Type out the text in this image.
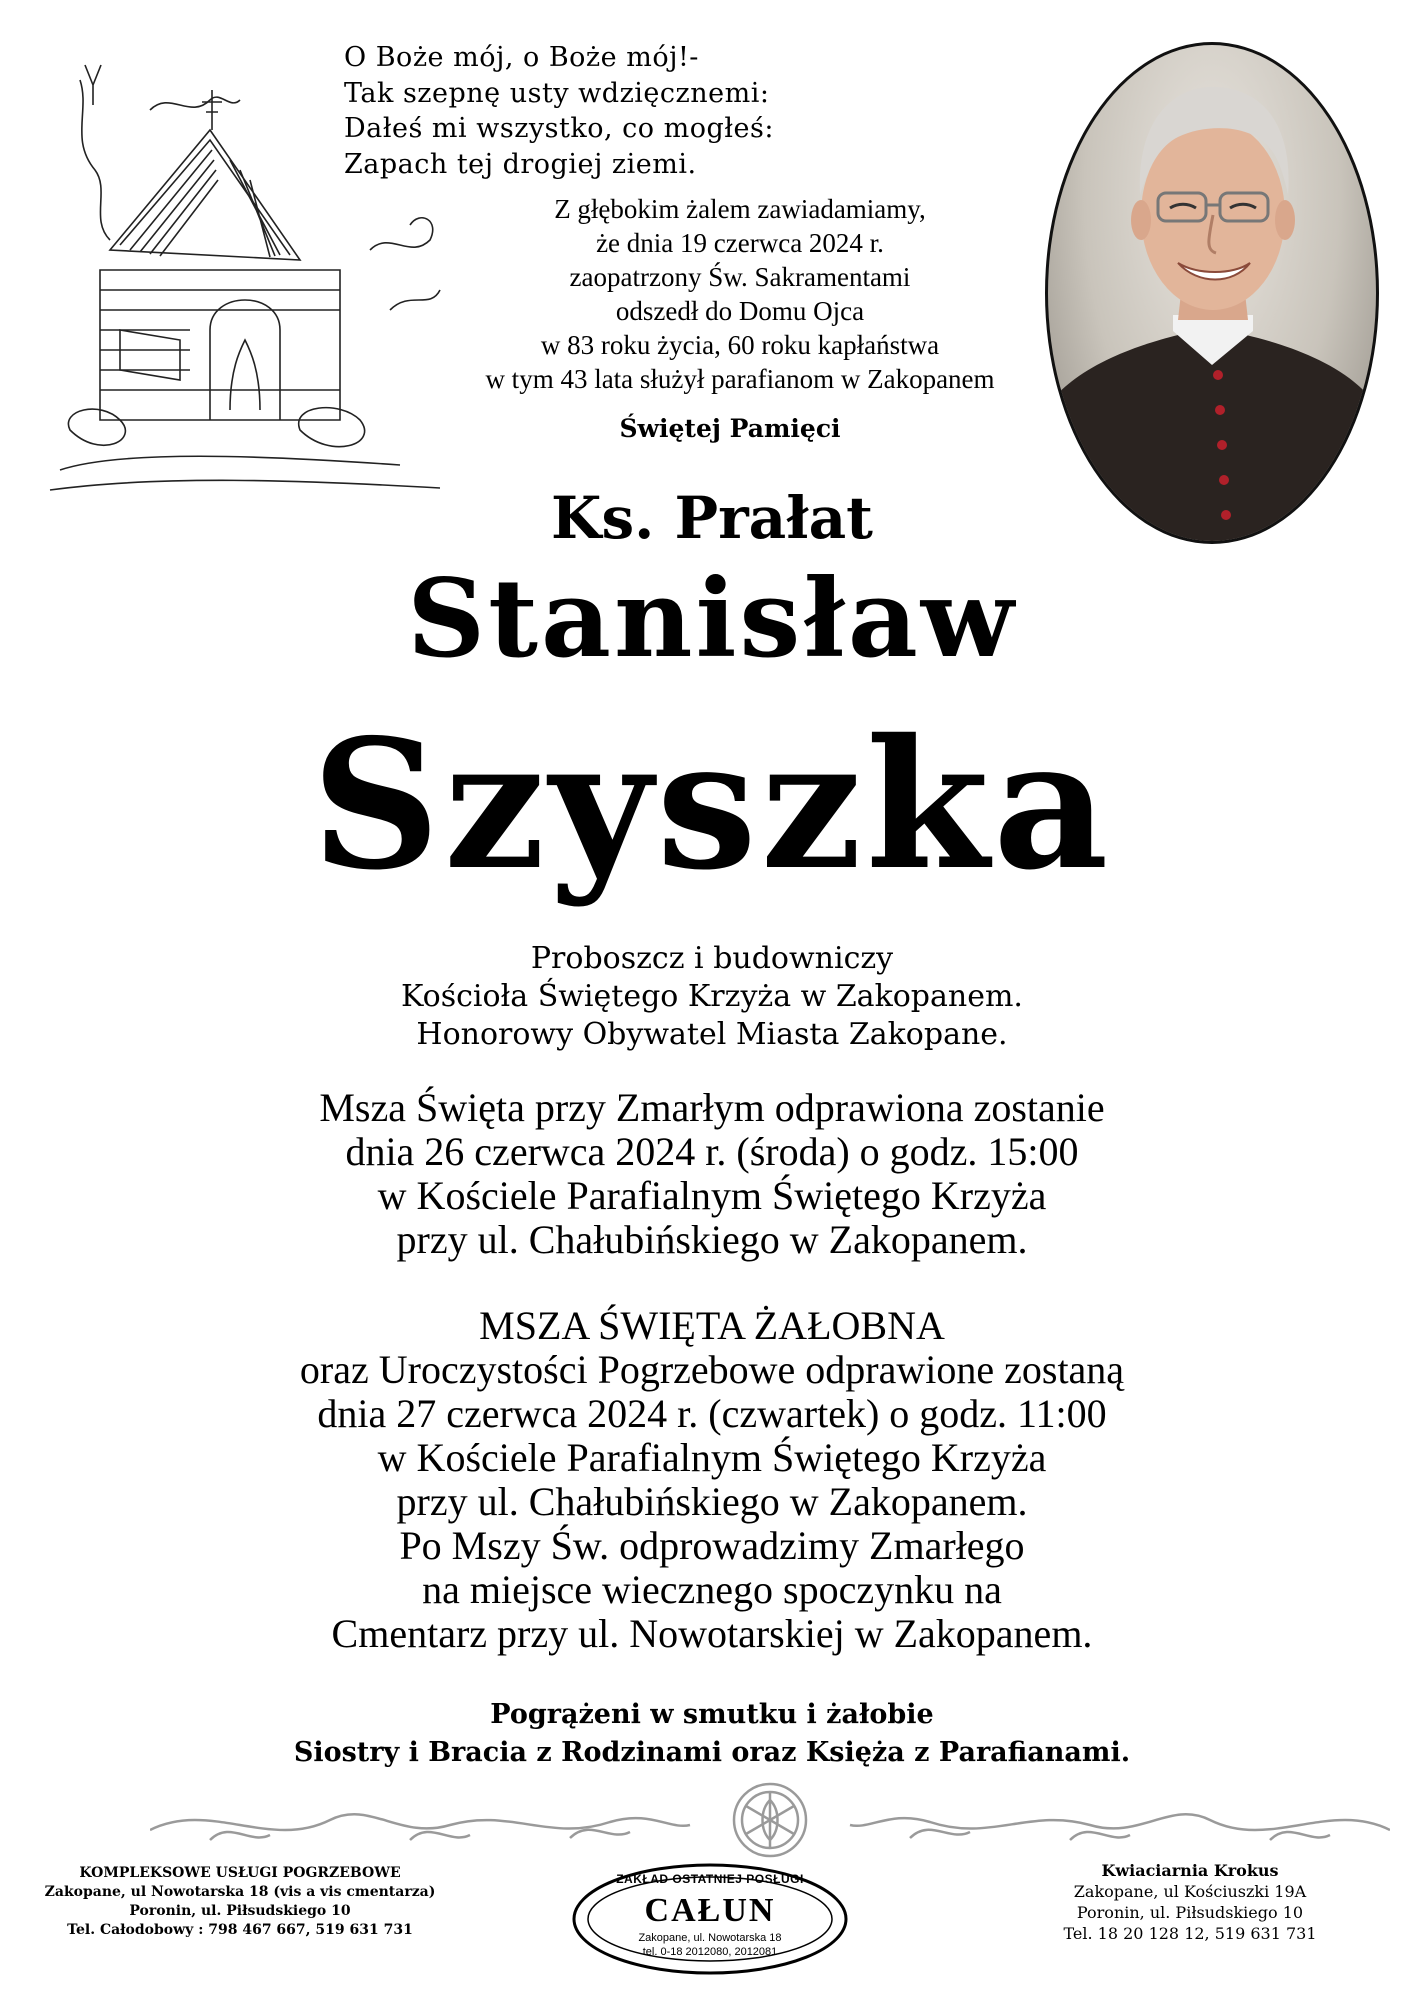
O Boże mój, o Boże mój!-
Tak szepnę usty wdzięcznemi:
Dałeś mi wszystko, co mogłeś:
Zapach tej drogiej ziemi.
Z głębokim żalem zawiadamiamy,
że dnia 19 czerwca 2024 r.
zaopatrzony Św. Sakramentami
odszedł do Domu Ojca
w 83 roku życia, 60 roku kapłaństwa
w tym 43 lata służył parafianom w Zakopanem
Świętej Pamięci
Ks. Prałat
Stanisław
Szyszka
Proboszcz i budowniczy
Kościoła Świętego Krzyża w Zakopanem.
Honorowy Obywatel Miasta Zakopane.
Msza Święta przy Zmarłym odprawiona zostanie
dnia 26 czerwca 2024 r. (środa) o godz. 15:00
w Kościele Parafialnym Świętego Krzyża
przy ul. Chałubińskiego w Zakopanem.
MSZA ŚWIĘTA ŻAŁOBNA
oraz Uroczystości Pogrzebowe odprawione zostaną
dnia 27 czerwca 2024 r. (czwartek) o godz. 11:00
w Kościele Parafialnym Świętego Krzyża
przy ul. Chałubińskiego w Zakopanem.
Po Mszy Św. odprowadzimy Zmarłego
na miejsce wiecznego spoczynku na
Cmentarz przy ul. Nowotarskiej w Zakopanem.
Pogrążeni w smutku i żałobie
Siostry i Bracia z Rodzinami oraz Księża z Parafianami.
KOMPLEKSOWE USŁUGI POGRZEBOWE
Zakopane, ul Nowotarska 18 (vis a vis cmentarza)
Poronin, ul. Piłsudskiego 10
Tel. Całodobowy : 798 467 667, 519 631 731
ZAKŁAD OSTATNIEJ POSŁUGI
CAŁUN
Zakopane, ul. Nowotarska 18
tel. 0-18 2012080, 2012081
Kwiaciarnia Krokus
Zakopane, ul Kościuszki 19A
Poronin, ul. Piłsudskiego 10
Tel. 18 20 128 12, 519 631 731
